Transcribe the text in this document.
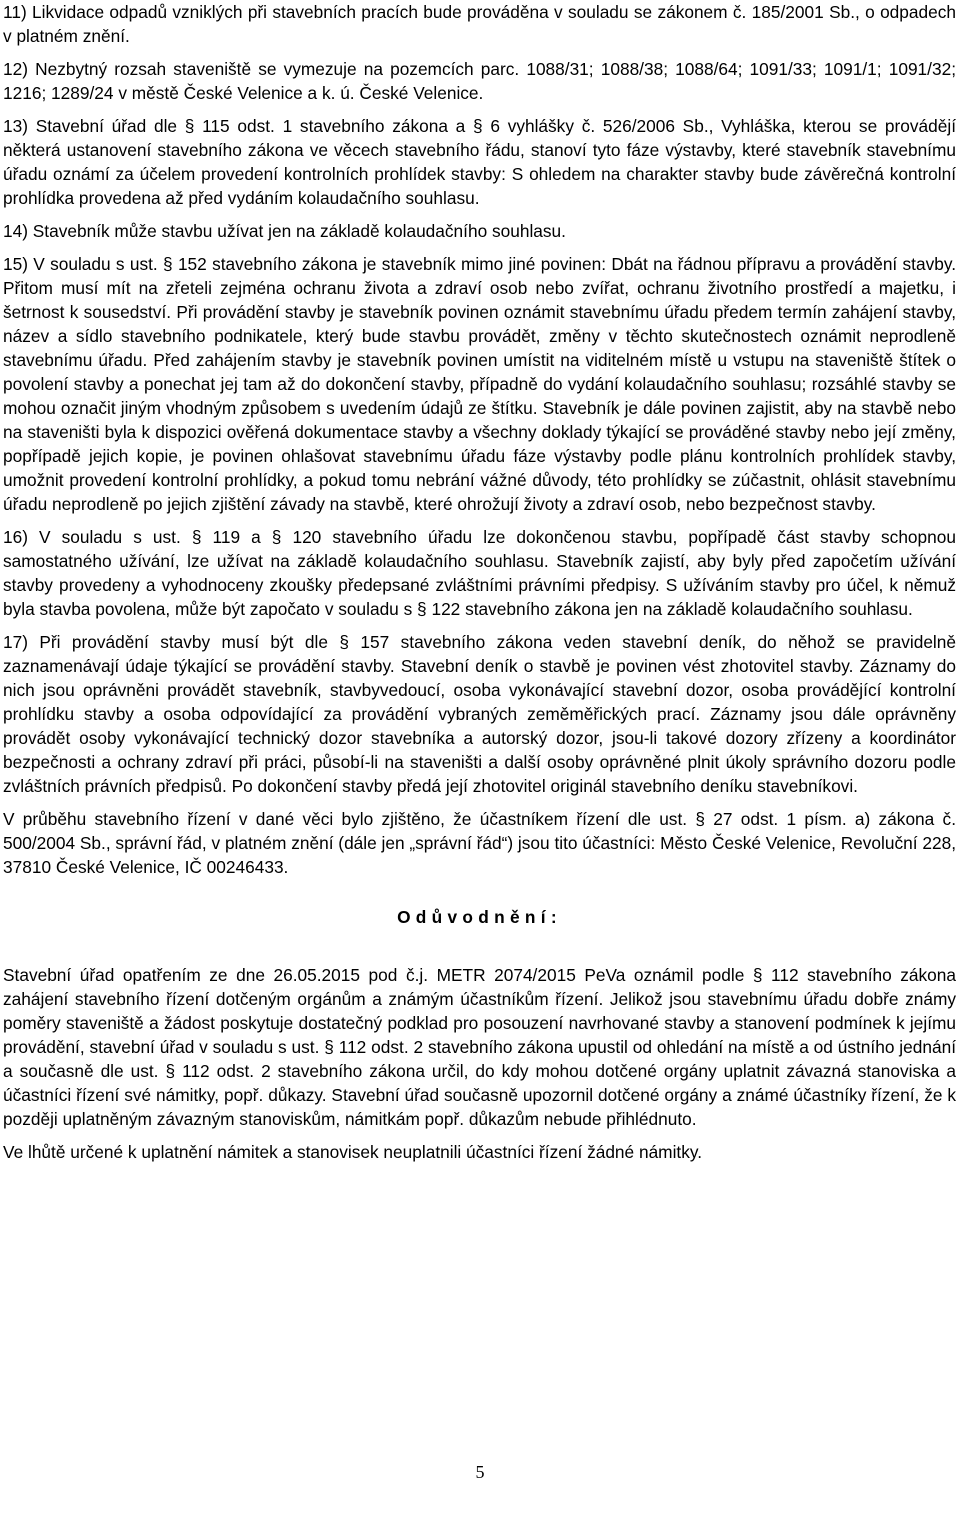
11) Likvidace odpadů vzniklých při stavebních pracích bude prováděna v souladu se zákonem č. 185/2001 Sb., o odpadech v platném znění.

12) Nezbytný rozsah staveniště se vymezuje na pozemcích parc. 1088/31; 1088/38; 1088/64; 1091/33; 1091/1; 1091/32; 1216; 1289/24 v městě České Velenice a k. ú. České Velenice.

13) Stavební úřad dle § 115 odst. 1 stavebního zákona a § 6 vyhlášky č. 526/2006 Sb., Vyhláška, kterou se provádějí některá ustanovení stavebního zákona ve věcech stavebního řádu, stanoví tyto fáze výstavby, které stavebník stavebnímu úřadu oznámí za účelem provedení kontrolních prohlídek stavby: S ohledem na charakter stavby bude závěrečná kontrolní prohlídka provedena až před vydáním kolaudačního souhlasu.

14) Stavebník může stavbu užívat jen na základě kolaudačního souhlasu.

15) V souladu s ust. § 152 stavebního zákona je stavebník mimo jiné povinen: Dbát na řádnou přípravu a provádění stavby. Přitom musí mít na zřeteli zejména ochranu života a zdraví osob nebo zvířat, ochranu životního prostředí a majetku, i šetrnost k sousedství. Při provádění stavby je stavebník povinen oznámit stavebnímu úřadu předem termín zahájení stavby, název a sídlo stavebního podnikatele, který bude stavbu provádět, změny v těchto skutečnostech oznámit neprodleně stavebnímu úřadu. Před zahájením stavby je stavebník povinen umístit na viditelném místě u vstupu na staveniště štítek o povolení stavby a ponechat jej tam až do dokončení stavby, případně do vydání kolaudačního souhlasu; rozsáhlé stavby se mohou označit jiným vhodným způsobem s uvedením údajů ze štítku. Stavebník je dále povinen zajistit, aby na stavbě nebo na staveništi byla k dispozici ověřená dokumentace stavby a všechny doklady týkající se prováděné stavby nebo její změny, popřípadě jejich kopie, je povinen ohlašovat stavebnímu úřadu fáze výstavby podle plánu kontrolních prohlídek stavby, umožnit provedení kontrolní prohlídky, a pokud tomu nebrání vážné důvody, této prohlídky se zúčastnit, ohlásit stavebnímu úřadu neprodleně po jejich zjištění závady na stavbě, které ohrožují životy a zdraví osob, nebo bezpečnost stavby.

16) V souladu s ust. § 119 a § 120 stavebního úřadu lze dokončenou stavbu, popřípadě část stavby schopnou samostatného užívání, lze užívat na základě kolaudačního souhlasu. Stavebník zajistí, aby byly před započetím užívání stavby provedeny a vyhodnoceny zkoušky předepsané zvláštními právními předpisy. S užíváním stavby pro účel, k němuž byla stavba povolena, může být započato v souladu s § 122 stavebního zákona jen na základě kolaudačního souhlasu.

17) Při provádění stavby musí být dle § 157 stavebního zákona veden stavební deník, do něhož se pravidelně zaznamenávají údaje týkající se provádění stavby. Stavební deník o stavbě je povinen vést zhotovitel stavby. Záznamy do nich jsou oprávněni provádět stavebník, stavbyvedoucí, osoba vykonávající stavební dozor, osoba provádějící kontrolní prohlídku stavby a osoba odpovídající za provádění vybraných zeměměřických prací. Záznamy jsou dále oprávněny provádět osoby vykonávající technický dozor stavebníka a autorský dozor, jsou-li takové dozory zřízeny a koordinátor bezpečnosti a ochrany zdraví při práci, působí-li na staveništi a další osoby oprávněné plnit úkoly správního dozoru podle zvláštních právních předpisů. Po dokončení stavby předá její zhotovitel originál stavebního deníku stavebníkovi.

V průběhu stavebního řízení v dané věci bylo zjištěno, že účastníkem řízení dle ust. § 27 odst. 1 písm. a) zákona č. 500/2004 Sb., správní řád, v platném znění (dále jen „správní řád“) jsou tito účastníci: Město České Velenice, Revoluční 228, 37810 České Velenice, IČ 00246433.

Odůvodnění:

Stavební úřad opatřením ze dne 26.05.2015 pod č.j. METR 2074/2015 PeVa oznámil podle § 112 stavebního zákona zahájení stavebního řízení dotčeným orgánům a známým účastníkům řízení. Jelikož jsou stavebnímu úřadu dobře známy poměry staveniště a žádost poskytuje dostatečný podklad pro posouzení navrhované stavby a stanovení podmínek k jejímu provádění, stavební úřad v souladu s ust. § 112 odst. 2 stavebního zákona upustil od ohledání na místě a od ústního jednání a současně dle ust. § 112 odst. 2 stavebního zákona určil, do kdy mohou dotčené orgány uplatnit závazná stanoviska a účastníci řízení své námitky, popř. důkazy. Stavební úřad současně upozornil dotčené orgány a známé účastníky řízení, že k později uplatněným závazným stanoviskům, námitkám popř. důkazům nebude přihlédnuto.

Ve lhůtě určené k uplatnění námitek a stanovisek neuplatnili účastníci řízení žádné námitky.

5
